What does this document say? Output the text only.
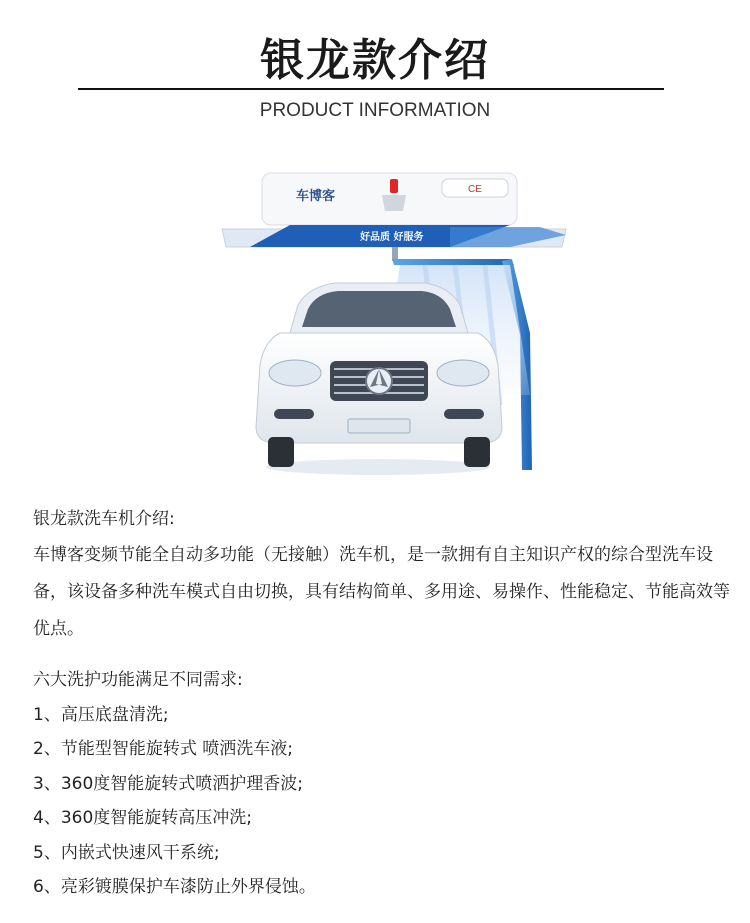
银龙款介绍
PRODUCT INFORMATION
CE
车博客
好品质 好服务
银龙款洗车机介绍:
车博客变频节能全自动多功能（无接触）洗车机，是一款拥有自主知识产权的综合型洗车设备，该设备多种洗车模式自由切换，具有结构简单、多用途、易操作、性能稳定、节能高效等优点。
六大洗护功能满足不同需求:
1、高压底盘清洗;
2、节能型智能旋转式 喷洒洗车液;
3、360度智能旋转式喷洒护理香波;
4、360度智能旋转高压冲洗;
5、内嵌式快速风干系统;
6、亮彩镀膜保护车漆防止外界侵蚀。
